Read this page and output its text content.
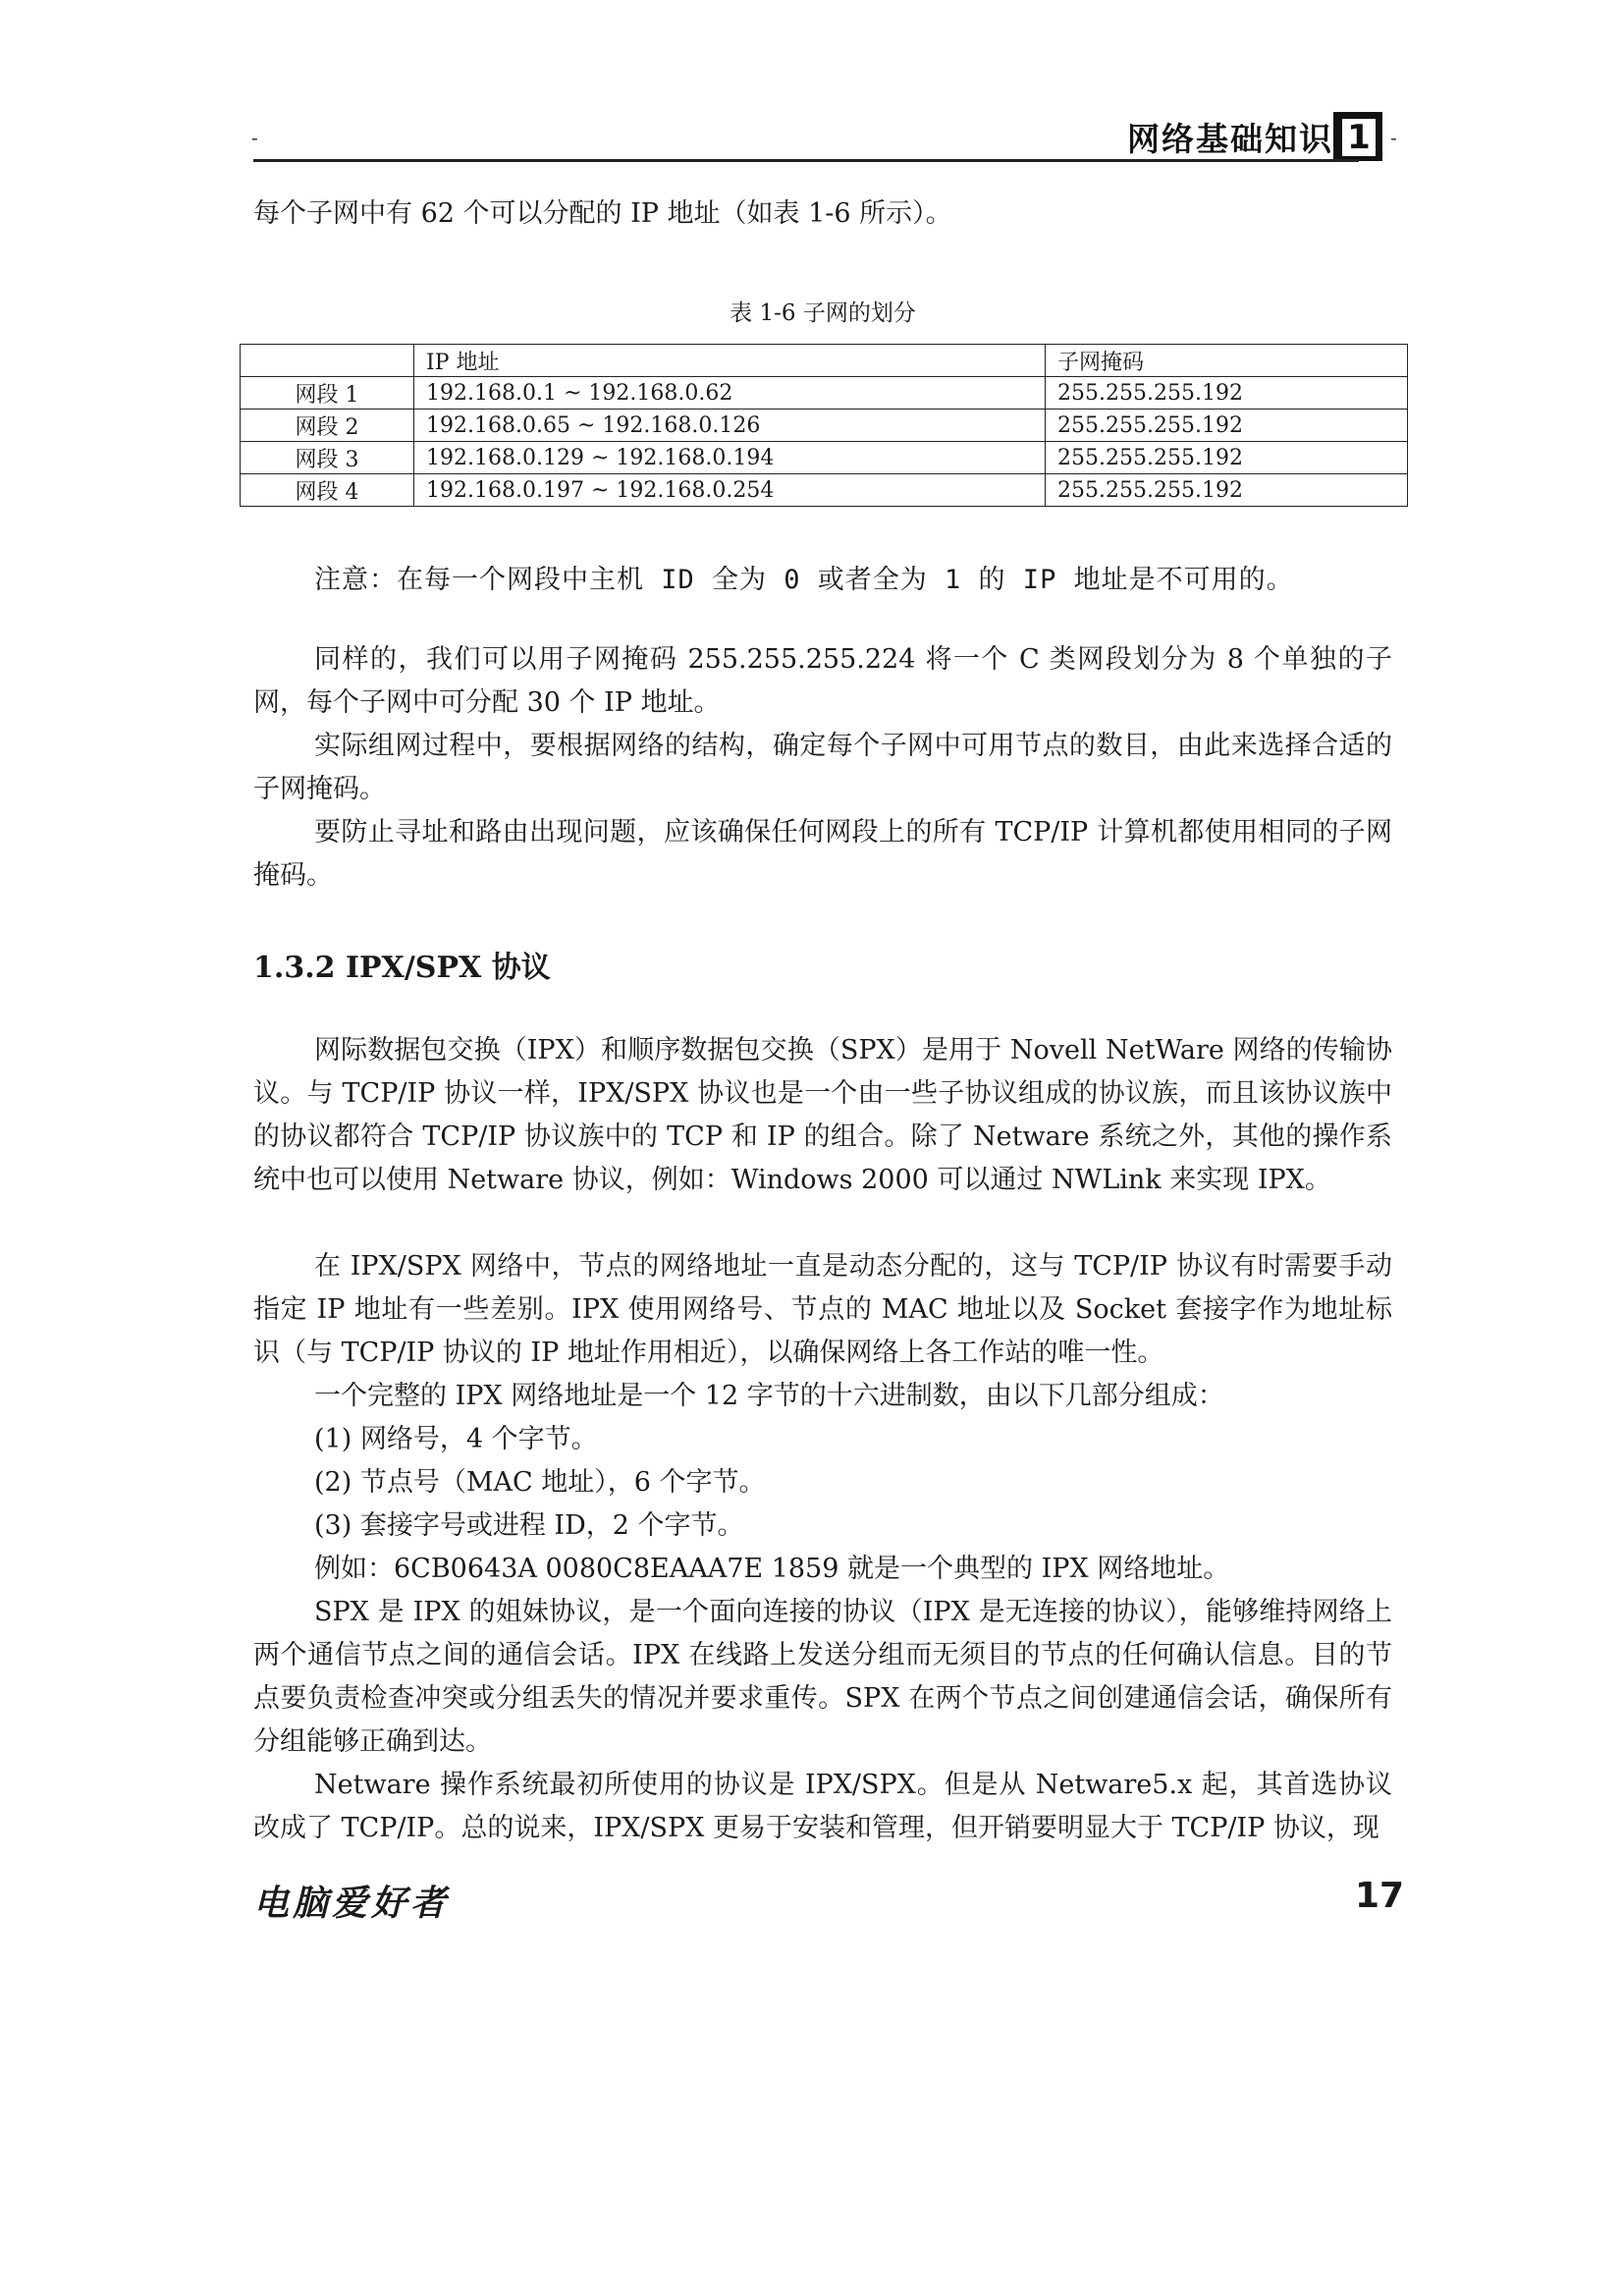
-	网络基础知识 1 -

每个子网中有 62 个可以分配的 IP 地址（如表 1-6 所示）。

表 1-6 子网的划分
	IP 地址	子网掩码
网段 1	192.168.0.1 ~ 192.168.0.62	255.255.255.192
网段 2	192.168.0.65 ~ 192.168.0.126	255.255.255.192
网段 3	192.168.0.129 ~ 192.168.0.194	255.255.255.192
网段 4	192.168.0.197 ~ 192.168.0.254	255.255.255.192
注意：在每一个网段中主机 ID 全为 0 或者全为 1 的 IP 地址是不可用的。

同样的，我们可以用子网掩码 255.255.255.224 将一个 C 类网段划分为 8 个单独的子网，每个子网中可分配 30 个 IP 地址。

实际组网过程中，要根据网络的结构，确定每个子网中可用节点的数目，由此来选择合适的子网掩码。

要防止寻址和路由出现问题，应该确保任何网段上的所有 TCP/IP 计算机都使用相同的子网掩码。

1.3.2 IPX/SPX 协议

网际数据包交换（IPX）和顺序数据包交换（SPX）是用于 Novell NetWare 网络的传输协议。与 TCP/IP 协议一样，IPX/SPX 协议也是一个由一些子协议组成的协议族，而且该协议族中的协议都符合 TCP/IP 协议族中的 TCP 和 IP 的组合。除了 Netware 系统之外，其他的操作系统中也可以使用 Netware 协议，例如：Windows 2000 可以通过 NWLink 来实现 IPX。

在 IPX/SPX 网络中，节点的网络地址一直是动态分配的，这与 TCP/IP 协议有时需要手动指定 IP 地址有一些差别。IPX 使用网络号、节点的 MAC 地址以及 Socket 套接字作为地址标识（与 TCP/IP 协议的 IP 地址作用相近），以确保网络上各工作站的唯一性。

一个完整的 IPX 网络地址是一个 12 字节的十六进制数，由以下几部分组成：

(1) 网络号，4 个字节。

(2) 节点号（MAC 地址），6 个字节。

(3) 套接字号或进程 ID，2 个字节。

例如：6CB0643A 0080C8EAAA7E 1859 就是一个典型的 IPX 网络地址。

SPX 是 IPX 的姐妹协议，是一个面向连接的协议（IPX 是无连接的协议），能够维持网络上两个通信节点之间的通信会话。IPX 在线路上发送分组而无须目的节点的任何确认信息。目的节点要负责检查冲突或分组丢失的情况并要求重传。SPX 在两个节点之间创建通信会话，确保所有分组能够正确到达。

Netware 操作系统最初所使用的协议是 IPX/SPX。但是从 Netware5.x 起，其首选协议改成了 TCP/IP。总的说来，IPX/SPX 更易于安装和管理，但开销要明显大于 TCP/IP 协议，现

电脑爱好者	17
